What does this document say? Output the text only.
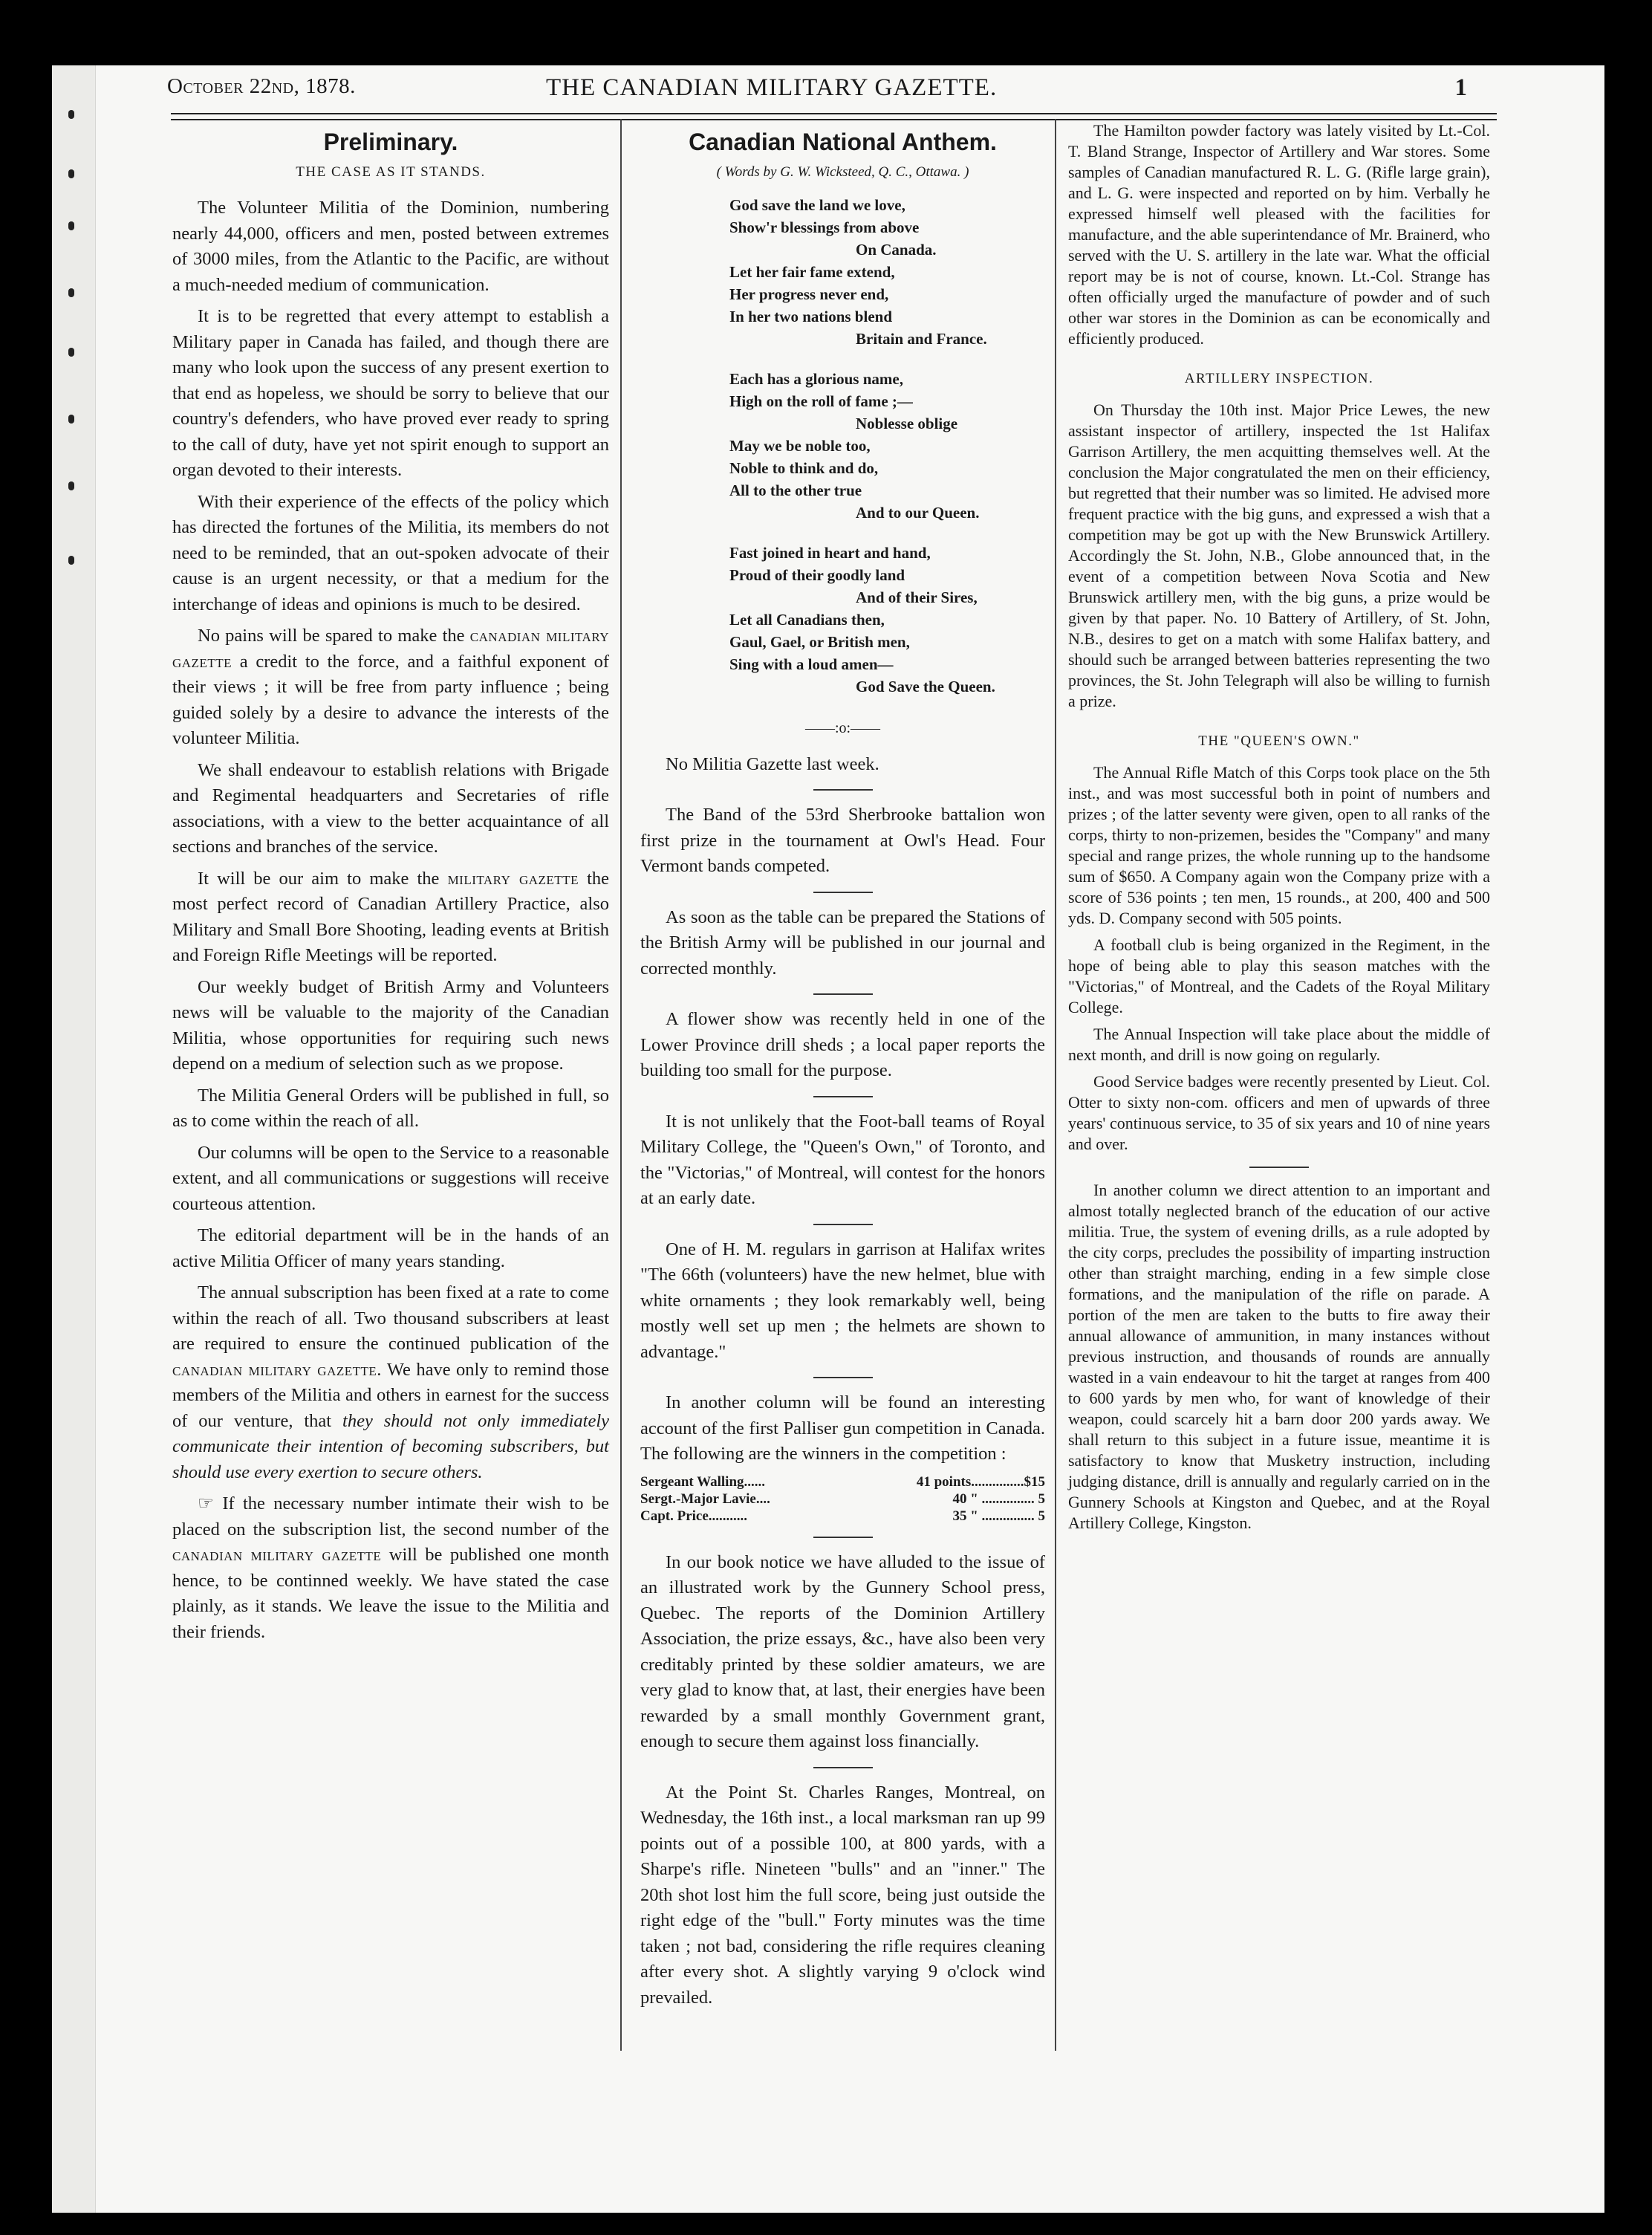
October 22nd, 1878.	THE CANADIAN MILITARY GAZETTE.	1
Preliminary.
THE CASE AS IT STANDS.

The Volunteer Militia of the Dominion, numbering nearly 44,000, officers and men, posted between extremes of 3000 miles, from the Atlantic to the Pacific, are without a much-needed medium of communication.

It is to be regretted that every attempt to establish a Military paper in Canada has failed, and though there are many who look upon the success of any present exertion to that end as hopeless, we should be sorry to believe that our country's defenders, who have proved ever ready to spring to the call of duty, have yet not spirit enough to support an organ devoted to their interests.

With their experience of the effects of the policy which has directed the fortunes of the Militia, its members do not need to be reminded, that an out-spoken advocate of their cause is an urgent necessity, or that a medium for the interchange of ideas and opinions is much to be desired.

No pains will be spared to make the canadian military gazette a credit to the force, and a faithful exponent of their views ; it will be free from party influence ; being guided solely by a desire to advance the interests of the volunteer Militia.

We shall endeavour to establish relations with Brigade and Regimental headquarters and Secretaries of rifle associations, with a view to the better acquaintance of all sections and branches of the service.

It will be our aim to make the military gazette the most perfect record of Canadian Artillery Practice, also Military and Small Bore Shooting, leading events at British and Foreign Rifle Meetings will be reported.

Our weekly budget of British Army and Volunteers news will be valuable to the majority of the Canadian Militia, whose opportunities for requiring such news depend on a medium of selection such as we propose.

The Militia General Orders will be published in full, so as to come within the reach of all.

Our columns will be open to the Service to a reasonable extent, and all communications or suggestions will receive courteous attention.

The editorial department will be in the hands of an active Militia Officer of many years standing.

The annual subscription has been fixed at a rate to come within the reach of all. Two thousand subscribers at least are required to ensure the continued publication of the canadian military gazette. We have only to remind those members of the Militia and others in earnest for the success of our venture, that they should not only immediately communicate their intention of becoming subscribers, but should use every exertion to secure others.

☞ If the necessary number intimate their wish to be placed on the subscription list, the second number of the canadian military gazette will be published one month hence, to be continned weekly. We have stated the case plainly, as it stands. We leave the issue to the Militia and their friends.

Canadian National Anthem.
( Words by G. W. Wicksteed, Q. C., Ottawa. )
God save the land we love,
Show'r blessings from above
On Canada.
Let her fair fame extend,
Her progress never end,
In her two nations blend
Britain and France.
Each has a glorious name,
High on the roll of fame ;—
Noblesse oblige
May we be noble too,
Noble to think and do,
All to the other true
And to our Queen.
Fast joined in heart and hand,
Proud of their goodly land
And of their Sires,
Let all Canadians then,
Gaul, Gael, or British men,
Sing with a loud amen—
God Save the Queen.
——:o:——

No Militia Gazette last week.

The Band of the 53rd Sherbrooke battalion won first prize in the tournament at Owl's Head. Four Vermont bands competed.

As soon as the table can be prepared the Stations of the British Army will be published in our journal and corrected monthly.

A flower show was recently held in one of the Lower Province drill sheds ; a local paper reports the building too small for the purpose.

It is not unlikely that the Foot-ball teams of Royal Military College, the "Queen's Own," of Toronto, and the "Victorias," of Montreal, will contest for the honors at an early date.

One of H. M. regulars in garrison at Halifax writes "The 66th (volunteers) have the new helmet, blue with white ornaments ; they look remarkably well, being mostly well set up men ; the helmets are shown to advantage."

In another column will be found an interesting account of the first Palliser gun competition in Canada. The following are the winners in the competition :

Sergeant Walling......	41 points...............$15
Sergt.-Major Lavie....	40 " ............... 5
Capt. Price...........	35 " ............... 5

In our book notice we have alluded to the issue of an illustrated work by the Gunnery School press, Quebec. The reports of the Dominion Artillery Association, the prize essays, &c., have also been very creditably printed by these soldier amateurs, we are very glad to know that, at last, their energies have been rewarded by a small monthly Government grant, enough to secure them against loss financially.

At the Point St. Charles Ranges, Montreal, on Wednesday, the 16th inst., a local marksman ran up 99 points out of a possible 100, at 800 yards, with a Sharpe's rifle. Nineteen "bulls" and an "inner." The 20th shot lost him the full score, being just outside the right edge of the "bull." Forty minutes was the time taken ; not bad, considering the rifle requires cleaning after every shot. A slightly varying 9 o'clock wind prevailed.

The Hamilton powder factory was lately visited by Lt.-Col. T. Bland Strange, Inspector of Artillery and War stores. Some samples of Canadian manufactured R. L. G. (Rifle large grain), and L. G. were inspected and reported on by him. Verbally he expressed himself well pleased with the facilities for manufacture, and the able superintendance of Mr. Brainerd, who served with the U. S. artillery in the late war. What the official report may be is not of course, known. Lt.-Col. Strange has often officially urged the manufacture of powder and of such other war stores in the Dominion as can be economically and efficiently produced.

ARTILLERY INSPECTION.

On Thursday the 10th inst. Major Price Lewes, the new assistant inspector of artillery, inspected the 1st Halifax Garrison Artillery, the men acquitting themselves well. At the conclusion the Major congratulated the men on their efficiency, but regretted that their number was so limited. He advised more frequent practice with the big guns, and expressed a wish that a competition may be got up with the New Brunswick Artillery. Accordingly the St. John, N.B., Globe announced that, in the event of a competition between Nova Scotia and New Brunswick artillery men, with the big guns, a prize would be given by that paper. No. 10 Battery of Artillery, of St. John, N.B., desires to get on a match with some Halifax battery, and should such be arranged between batteries representing the two provinces, the St. John Telegraph will also be willing to furnish a prize.

THE "QUEEN'S OWN."

The Annual Rifle Match of this Corps took place on the 5th inst., and was most successful both in point of numbers and prizes ; of the latter seventy were given, open to all ranks of the corps, thirty to non-prizemen, besides the "Company" and many special and range prizes, the whole running up to the handsome sum of $650. A Company again won the Company prize with a score of 536 points ; ten men, 15 rounds., at 200, 400 and 500 yds. D. Company second with 505 points.

A football club is being organized in the Regiment, in the hope of being able to play this season matches with the "Victorias," of Montreal, and the Cadets of the Royal Military College.

The Annual Inspection will take place about the middle of next month, and drill is now going on regularly.

Good Service badges were recently presented by Lieut. Col. Otter to sixty non-com. officers and men of upwards of three years' continuous service, to 35 of six years and 10 of nine years and over.

In another column we direct attention to an important and almost totally neglected branch of the education of our active militia. True, the system of evening drills, as a rule adopted by the city corps, precludes the possibility of imparting instruction other than straight marching, ending in a few simple close formations, and the manipulation of the rifle on parade. A portion of the men are taken to the butts to fire away their annual allowance of ammunition, in many instances without previous instruction, and thousands of rounds are annually wasted in a vain endeavour to hit the target at ranges from 400 to 600 yards by men who, for want of knowledge of their weapon, could scarcely hit a barn door 200 yards away. We shall return to this subject in a future issue, meantime it is satisfactory to know that Musketry instruction, including judging distance, drill is annually and regularly carried on in the Gunnery Schools at Kingston and Quebec, and at the Royal Artillery College, Kingston.
